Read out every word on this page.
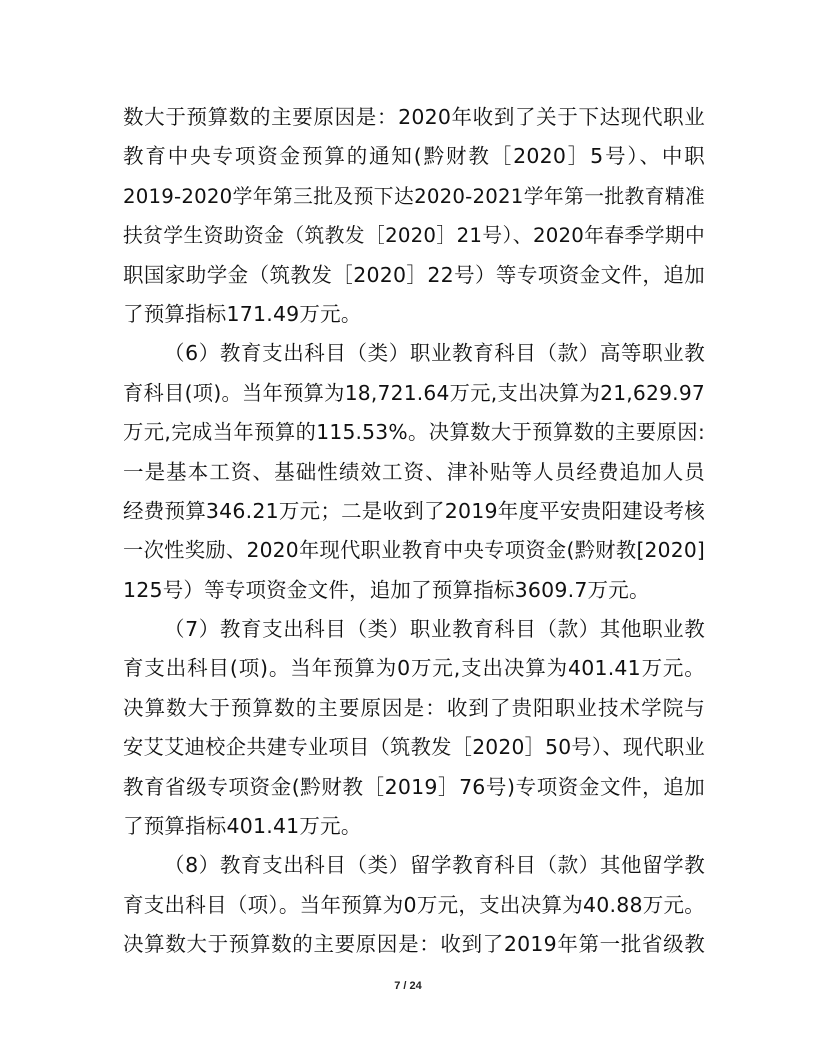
数大于预算数的主要原因是：2020年收到了关于下达现代职业
教育中央专项资金预算的通知(黔财教［2020］5号）、中职
2019-2020学年第三批及预下达2020-2021学年第一批教育精准
扶贫学生资助资金（筑教发［2020］21号）、2020年春季学期中
职国家助学金（筑教发［2020］22号）等专项资金文件，追加
了预算指标171.49万元。
（6）教育支出科目（类）职业教育科目（款）高等职业教
育科目(项)。当年预算为18,721.64万元,支出决算为21,629.97
万元,完成当年预算的115.53%。决算数大于预算数的主要原因:
一是基本工资、基础性绩效工资、津补贴等人员经费追加人员
经费预算346.21万元；二是收到了2019年度平安贵阳建设考核
一次性奖励、2020年现代职业教育中央专项资金(黔财教[2020]
125号）等专项资金文件，追加了预算指标3609.7万元。
（7）教育支出科目（类）职业教育科目（款）其他职业教
育支出科目(项)。当年预算为0万元,支出决算为401.41万元。
决算数大于预算数的主要原因是：收到了贵阳职业技术学院与
安艾艾迪校企共建专业项目（筑教发［2020］50号）、现代职业
教育省级专项资金(黔财教［2019］76号)专项资金文件，追加
了预算指标401.41万元。
（8）教育支出科目（类）留学教育科目（款）其他留学教
育支出科目（项）。当年预算为0万元，支出决算为40.88万元。
决算数大于预算数的主要原因是：收到了2019年第一批省级教
7 / 24
